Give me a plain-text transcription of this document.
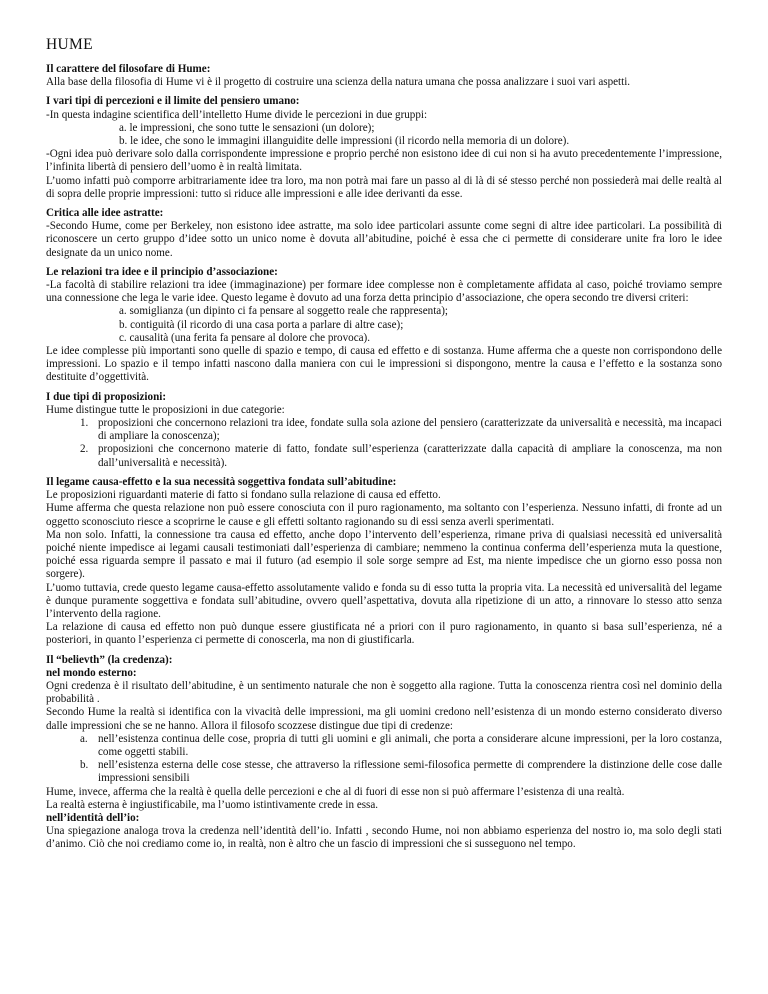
HUME
Il carattere del filosofare di Hume:
Alla base della filosofia di Hume vi è il progetto di costruire una scienza della natura umana che possa analizzare i suoi vari aspetti.
I vari tipi di percezioni e il limite del pensiero umano:
-In questa indagine scientifica dell’intelletto Hume divide le percezioni in due gruppi:
a. le impressioni, che sono tutte le sensazioni (un dolore);
b. le idee, che sono le immagini illanguidite delle impressioni (il ricordo nella memoria di un dolore).
-Ogni idea può derivare solo dalla corrispondente impressione e proprio perché non esistono idee di cui non si ha avuto precedentemente l’impressione, l’infinita libertà di pensiero dell’uomo è in realtà limitata.
L’uomo infatti può comporre arbitrariamente idee tra loro, ma non potrà mai fare un passo al di là di sé stesso perché non possiederà mai delle realtà al di sopra delle proprie impressioni: tutto si riduce alle impressioni e alle idee derivanti da esse.
Critica alle idee astratte:
-Secondo Hume, come per Berkeley, non esistono idee astratte, ma solo idee particolari assunte come segni di altre idee particolari. La possibilità di riconoscere un certo gruppo d’idee sotto un unico nome è dovuta all’abitudine, poiché è essa che ci permette di considerare unite fra loro le idee designate da un unico nome.
Le relazioni tra idee e il principio d’associazione:
-La facoltà di stabilire relazioni tra idee (immaginazione) per formare idee complesse non è completamente affidata al caso, poiché troviamo sempre una connessione che lega le varie idee. Questo legame è dovuto ad una forza detta principio d’associazione, che opera secondo tre diversi criteri:
a. somiglianza (un dipinto ci fa pensare al soggetto reale che rappresenta);
b. contiguità (il ricordo di una casa porta a parlare di altre case);
c. causalità (una ferita fa pensare al dolore che provoca).
Le idee complesse più importanti sono quelle di spazio e tempo, di causa ed effetto e di sostanza. Hume afferma che a queste non corrispondono delle impressioni. Lo spazio e il tempo infatti nascono dalla maniera con cui le impressioni si dispongono, mentre la causa e l’effetto e la sostanza sono destituite d’oggettività.
I due tipi di proposizioni:
Hume distingue tutte le proposizioni in due categorie:
1. proposizioni che concernono relazioni tra idee, fondate sulla sola azione del pensiero (caratterizzate da universalità e necessità, ma incapaci di ampliare la conoscenza);
2. proposizioni che concernono materie di fatto, fondate sull’esperienza (caratterizzate dalla capacità di ampliare la conoscenza, ma non dall’universalità e necessità).
Il legame causa-effetto e la sua necessità soggettiva fondata sull’abitudine:
Le proposizioni riguardanti materie di fatto si fondano sulla relazione di causa ed effetto.
Hume afferma che questa relazione non può essere conosciuta con il puro ragionamento, ma soltanto con l’esperienza. Nessuno infatti, di fronte ad un oggetto sconosciuto riesce a scoprirne le cause e gli effetti soltanto ragionando su di essi senza averli sperimentati.
Ma non solo. Infatti, la connessione tra causa ed effetto, anche dopo l’intervento dell’esperienza, rimane priva di qualsiasi necessità ed universalità poiché niente impedisce ai legami causali testimoniati dall’esperienza di cambiare; nemmeno la continua conferma dell’esperienza muta la questione, poiché essa riguarda sempre il passato e mai il futuro (ad esempio il sole sorge sempre ad Est, ma niente impedisce che un giorno esso possa non sorgere).
L’uomo tuttavia, crede questo legame causa-effetto assolutamente valido e fonda su di esso tutta la propria vita. La necessità ed universalità del legame è dunque puramente soggettiva e fondata sull’abitudine, ovvero quell’aspettativa, dovuta alla ripetizione di un atto, a rinnovare lo stesso atto senza l’intervento della ragione.
La relazione di causa ed effetto non può dunque essere giustificata né a priori con il puro ragionamento, in quanto si basa sull’esperienza, né a posteriori, in quanto l’esperienza ci permette di conoscerla, ma non di giustificarla.
Il “believth” (la credenza):
nel mondo esterno:
Ogni credenza è il risultato dell’abitudine, è un sentimento naturale che non è soggetto alla ragione. Tutta la conoscenza rientra così nel dominio della probabilità .
Secondo Hume la realtà si identifica con la vivacità delle impressioni, ma gli uomini credono nell’esistenza di un mondo esterno considerato diverso dalle impressioni che se ne hanno. Allora il filosofo scozzese distingue due tipi di credenze:
a. nell’esistenza continua delle cose, propria di tutti gli uomini e gli animali, che porta a considerare alcune impressioni, per la loro costanza, come oggetti stabili.
b. nell’esistenza esterna delle cose stesse, che attraverso la riflessione semi-filosofica permette di comprendere la distinzione delle cose dalle impressioni sensibili
Hume, invece, afferma che la realtà è quella delle percezioni e che al di fuori di esse non si può affermare l’esistenza di una realtà.
La realtà esterna è ingiustificabile, ma l’uomo istintivamente crede in essa.
nell’identità dell’io:
Una spiegazione analoga trova la credenza nell’identità dell’io. Infatti , secondo Hume, noi non abbiamo esperienza del nostro io, ma solo degli stati d’animo. Ciò che noi crediamo come io, in realtà, non è altro che un fascio di impressioni che si susseguono nel tempo.
